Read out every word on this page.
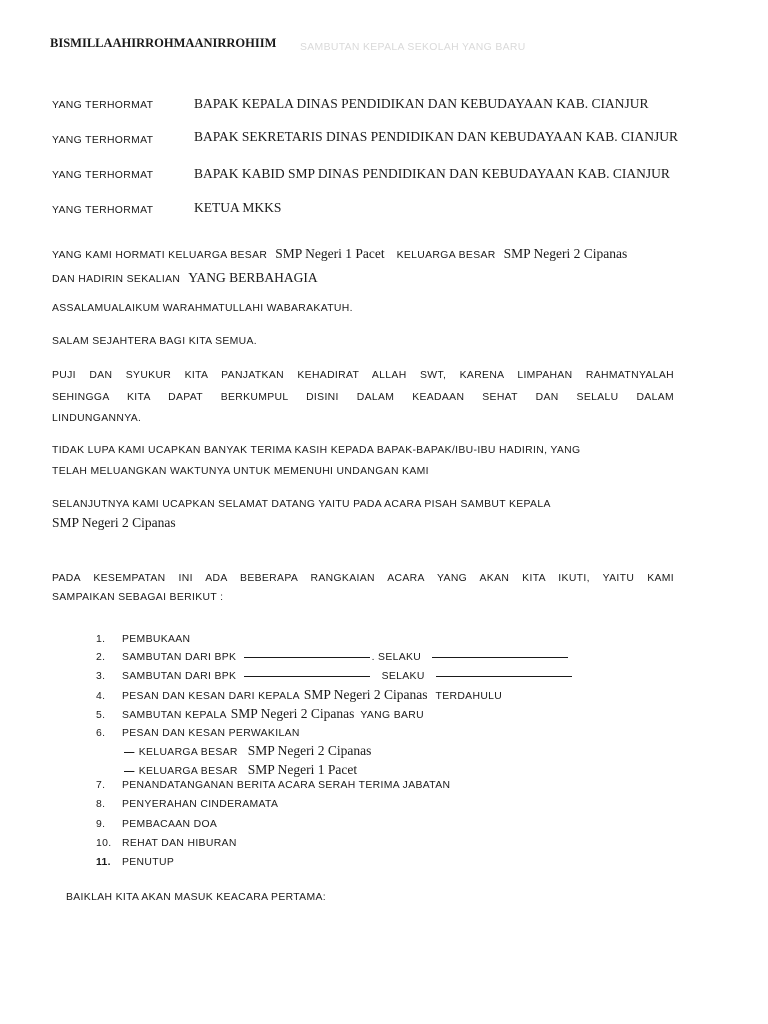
SAMBUTAN KEPALA SEKOLAH YANG BARU
BISMILLAAHIRROHMAANIRROHIIM
YANG TERHORMAT	BAPAK KEPALA DINAS PENDIDIKAN DAN KEBUDAYAAN KAB. CIANJUR
YANG TERHORMAT	BAPAK SEKRETARIS DINAS PENDIDIKAN DAN KEBUDAYAAN KAB. CIANJUR
YANG TERHORMAT	BAPAK KABID SMP DINAS PENDIDIKAN DAN KEBUDAYAAN KAB. CIANJUR
YANG TERHORMAT	KETUA MKKS
YANG KAMI HORMATI KELUARGA BESAR SMP Negeri 1 Pacet KELUARGA BESAR SMP Negeri 2 Cipanas
DAN HADIRIN SEKALIAN YANG BERBAHAGIA
ASSALAMUALAIKUM WARAHMATULLAHI WABARAKATUH.
SALAM SEJAHTERA BAGI KITA SEMUA.
PUJI DAN SYUKUR KITA PANJATKAN KEHADIRAT ALLAH SWT, KARENA LIMPAHAN RAHMATNYALAH
SEHINGGA KITA DAPAT BERKUMPUL DISINI DALAM KEADAAN SEHAT DAN SELALU DALAM
LINDUNGANNYA.
TIDAK LUPA KAMI UCAPKAN BANYAK TERIMA KASIH KEPADA BAPAK-BAPAK/IBU-IBU HADIRIN, YANG
TELAH MELUANGKAN WAKTUNYA UNTUK MEMENUHI UNDANGAN KAMI
SELANJUTNYA KAMI UCAPKAN SELAMAT DATANG YAITU PADA ACARA PISAH SAMBUT KEPALA
SMP Negeri 2 Cipanas
PADA KESEMPATAN INI ADA BEBERAPA RANGKAIAN ACARA YANG AKAN KITA IKUTI, YAITU KAMI
SAMPAIKAN SEBAGAI BERIKUT :
1. PEMBUKAAN
2. SAMBUTAN DARI BPK	. SELAKU
3. SAMBUTAN DARI BPK	SELAKU
4. PESAN DAN KESAN DARI KEPALA SMP Negeri 2 Cipanas TERDAHULU
5. SAMBUTAN KEPALA SMP Negeri 2 Cipanas YANG BARU
6. PESAN DAN KESAN PERWAKILAN
— KELUARGA BESAR SMP Negeri 2 Cipanas
— KELUARGA BESAR SMP Negeri 1 Pacet
7. PENANDATANGANAN BERITA ACARA SERAH TERIMA JABATAN
8. PENYERAHAN CINDERAMATA
9. PEMBACAAN DOA
10. REHAT DAN HIBURAN
11. PENUTUP
BAIKLAH KITA AKAN MASUK KEACARA PERTAMA:
